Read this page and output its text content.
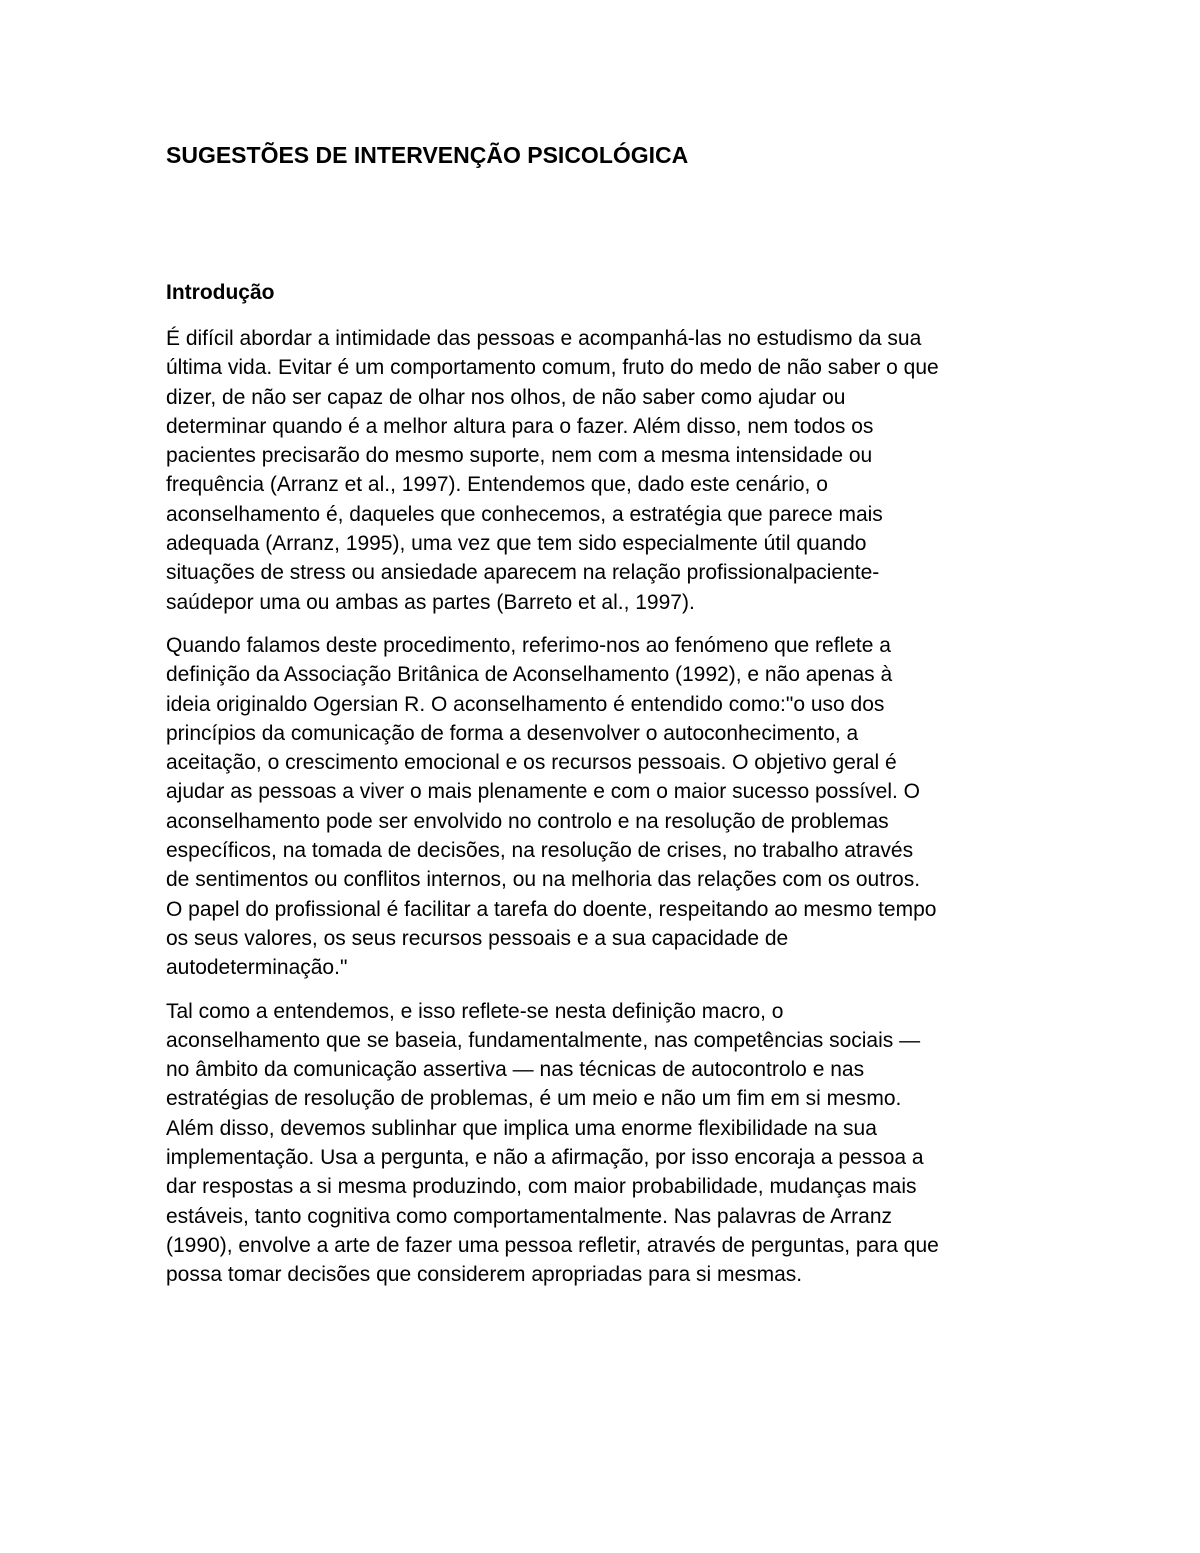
SUGESTÕES DE INTERVENÇÃO PSICOLÓGICA
Introdução

É difícil abordar a intimidade das pessoas e acompanhá-las no estudismo da sua
última vida. Evitar é um comportamento comum, fruto do medo de não saber o que
dizer, de não ser capaz de olhar nos olhos, de não saber como ajudar ou
determinar quando é a melhor altura para o fazer. Além disso, nem todos os
pacientes precisarão do mesmo suporte, nem com a mesma intensidade ou
frequência (Arranz et al., 1997). Entendemos que, dado este cenário, o
aconselhamento é, daqueles que conhecemos, a estratégia que parece mais
adequada (Arranz, 1995), uma vez que tem sido especialmente útil quando
situações de stress ou ansiedade aparecem na relação profissionalpaciente-
saúdepor uma ou ambas as partes (Barreto et al., 1997).

Quando falamos deste procedimento, referimo-nos ao fenómeno que reflete a
definição da Associação Britânica de Aconselhamento (1992), e não apenas à
ideia originaldo Ogersian R. O aconselhamento é entendido como:"o uso dos
princípios da comunicação de forma a desenvolver o autoconhecimento, a
aceitação, o crescimento emocional e os recursos pessoais. O objetivo geral é
ajudar as pessoas a viver o mais plenamente e com o maior sucesso possível. O
aconselhamento pode ser envolvido no controlo e na resolução de problemas
específicos, na tomada de decisões, na resolução de crises, no trabalho através
de sentimentos ou conflitos internos, ou na melhoria das relações com os outros.
O papel do profissional é facilitar a tarefa do doente, respeitando ao mesmo tempo
os seus valores, os seus recursos pessoais e a sua capacidade de
autodeterminação."

Tal como a entendemos, e isso reflete-se nesta definição macro, o
aconselhamento que se baseia, fundamentalmente, nas competências sociais —
no âmbito da comunicação assertiva — nas técnicas de autocontrolo e nas
estratégias de resolução de problemas, é um meio e não um fim em si mesmo.
Além disso, devemos sublinhar que implica uma enorme flexibilidade na sua
implementação. Usa a pergunta, e não a afirmação, por isso encoraja a pessoa a
dar respostas a si mesma produzindo, com maior probabilidade, mudanças mais
estáveis, tanto cognitiva como comportamentalmente. Nas palavras de Arranz
(1990), envolve a arte de fazer uma pessoa refletir, através de perguntas, para que
possa tomar decisões que considerem apropriadas para si mesmas.
